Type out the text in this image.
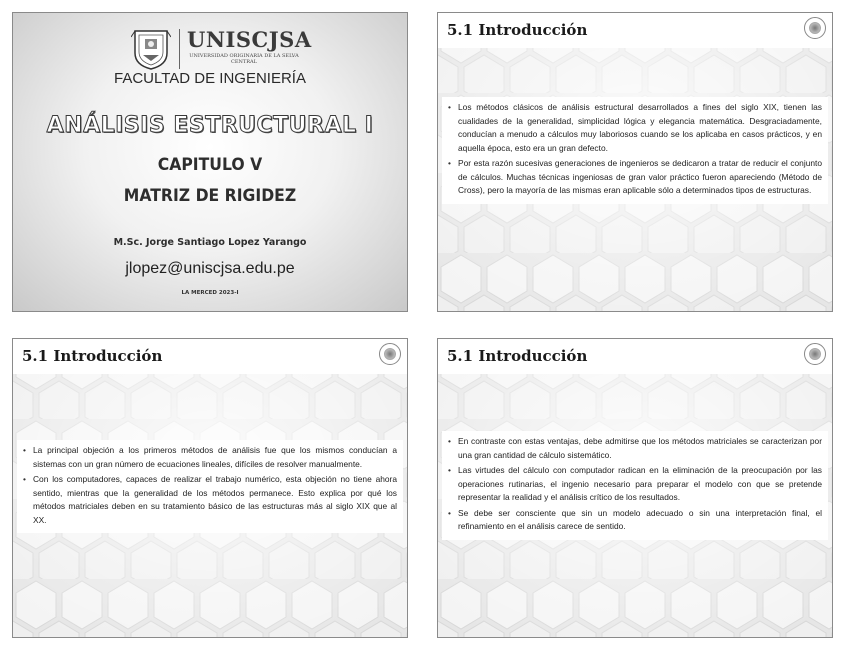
UNISCJSA
UNIVERSIDAD ORIGINARIA DE LA SELVA CENTRAL
FACULTAD DE INGENIERÍA
ANÁLISIS ESTRUCTURAL I
CAPITULO V
MATRIZ DE RIGIDEZ
M.Sc. Jorge Santiago Lopez Yarango
jlopez@uniscjsa.edu.pe
LA MERCED 2023-I
5.1 Introducción
• Los métodos clásicos de análisis estructural desarrollados a fines del siglo XIX, tienen las cualidades de la generalidad, simplicidad lógica y elegancia matemática. Desgraciadamente, conducían a menudo a cálculos muy laboriosos cuando se los aplicaba en casos prácticos, y en aquella época, esto era un gran defecto.
• Por esta razón sucesivas generaciones de ingenieros se dedicaron a tratar de reducir el conjunto de cálculos. Muchas técnicas ingeniosas de gran valor práctico fueron apareciendo (Método de Cross), pero la mayoría de las mismas eran aplicable sólo a determinados tipos de estructuras.
5.1 Introducción
• La principal objeción a los primeros métodos de análisis fue que los mismos conducían a sistemas con un gran número de ecuaciones lineales, difíciles de resolver manualmente.
• Con los computadores, capaces de realizar el trabajo numérico, esta objeción no tiene ahora sentido, mientras que la generalidad de los métodos permanece. Esto explica por qué los métodos matriciales deben en su tratamiento básico de las estructuras más al siglo XIX que al XX.
5.1 Introducción
• En contraste con estas ventajas, debe admitirse que los métodos matriciales se caracterizan por una gran cantidad de cálculo sistemático.
• Las virtudes del cálculo con computador radican en la eliminación de la preocupación por las operaciones rutinarias, el ingenio necesario para preparar el modelo con que se pretende representar la realidad y el análisis crítico de los resultados.
• Se debe ser consciente que sin un modelo adecuado o sin una interpretación final, el refinamiento en el análisis carece de sentido.
